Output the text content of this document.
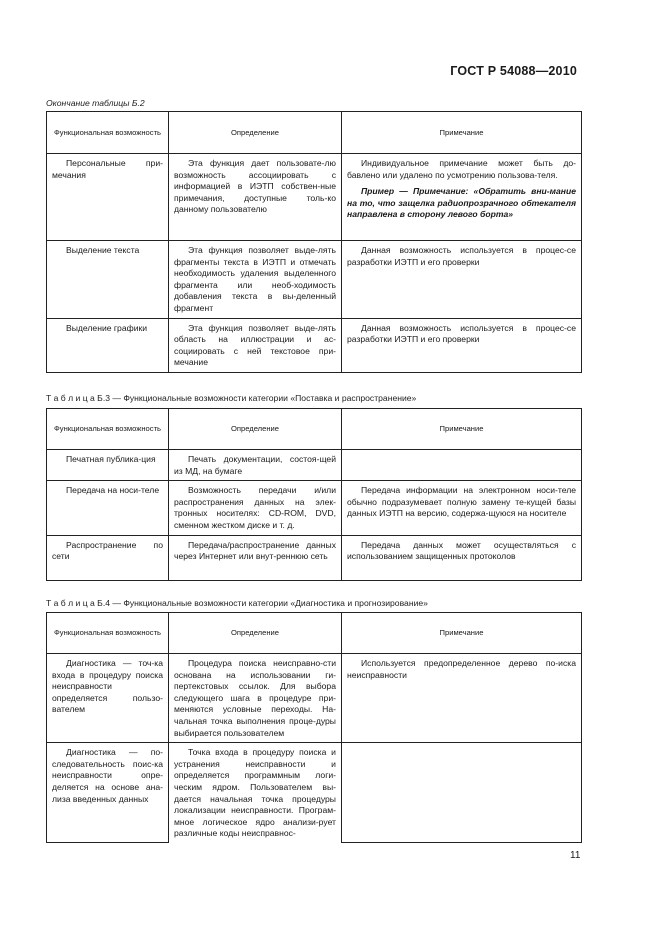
ГОСТ Р 54088—2010
Окончание таблицы Б.2
Функциональная возможность	Определение	Примечание
Персональные при-мечания	Эта функция дает пользовате-лю возможность ассоциировать с информацией в ИЭТП собствен-ные примечания, доступные толь-ко данному пользователю	Индивидуальное примечание может быть до-бавлено или удалено по усмотрению пользова-теля.
Пример — Примечание: «Обратить вни-мание на то, что защелка радиопрозрачного обтекателя направлена в сторону левого борта»

Выделение текста	Эта функция позволяет выде-лять фрагменты текста в ИЭТП и отмечать необходимость удаления выделенного фрагмента или необ-ходимость добавления текста в вы-деленный фрагмент	Данная возможность используется в процес-се разработки ИЭТП и его проверки
Выделение графики	Эта функция позволяет выде-лять область на иллюстрации и ас-социировать с ней текстовое при-мечание	Данная возможность используется в процес-се разработки ИЭТП и его проверки
Т а б л и ц а Б.3 — Функциональные возможности категории «Поставка и распространение»
Функциональная возможность	Определение	Примечание
Печатная публика-ция	Печать документации, состоя-щей из МД, на бумаге	
Передача на носи-теле	Возможность передачи и/или распространения данных на элек-тронных носителях: CD-ROM, DVD, сменном жестком диске и т. д.	Передача информации на электронном носи-теле обычно подразумевает полную замену те-кущей базы данных ИЭТП на версию, содержа-щуюся на носителе
Распространение по сети	Передача/распространение данных через Интернет или внут-реннюю сеть	Передача данных может осуществляться с использованием защищенных протоколов
Т а б л и ц а Б.4 — Функциональные возможности категории «Диагностика и прогнозирование»
Функциональная возможность	Определение	Примечание
Диагностика — точ-ка входа в процедуру поиска неисправности определяется пользо-вателем	Процедура поиска неисправно-сти основана на использовании ги-пертекстовых ссылок. Для выбора следующего шага в процедуре при-меняются условные переходы. На-чальная точка выполнения проце-дуры выбирается пользователем	Используется предопределенное дерево по-иска неисправности
Диагностика — по-следовательность поис-ка неисправности опре-деляется на основе ана-лиза введенных данных	Точка входа в процедуру поиска и устранения неисправности и определяется программным логи-ческим ядром. Пользователем вы-дается начальная точка процедуры локализации неисправности. Програм-мное логическое ядро анализи-рует различные коды неисправнос-	
11
